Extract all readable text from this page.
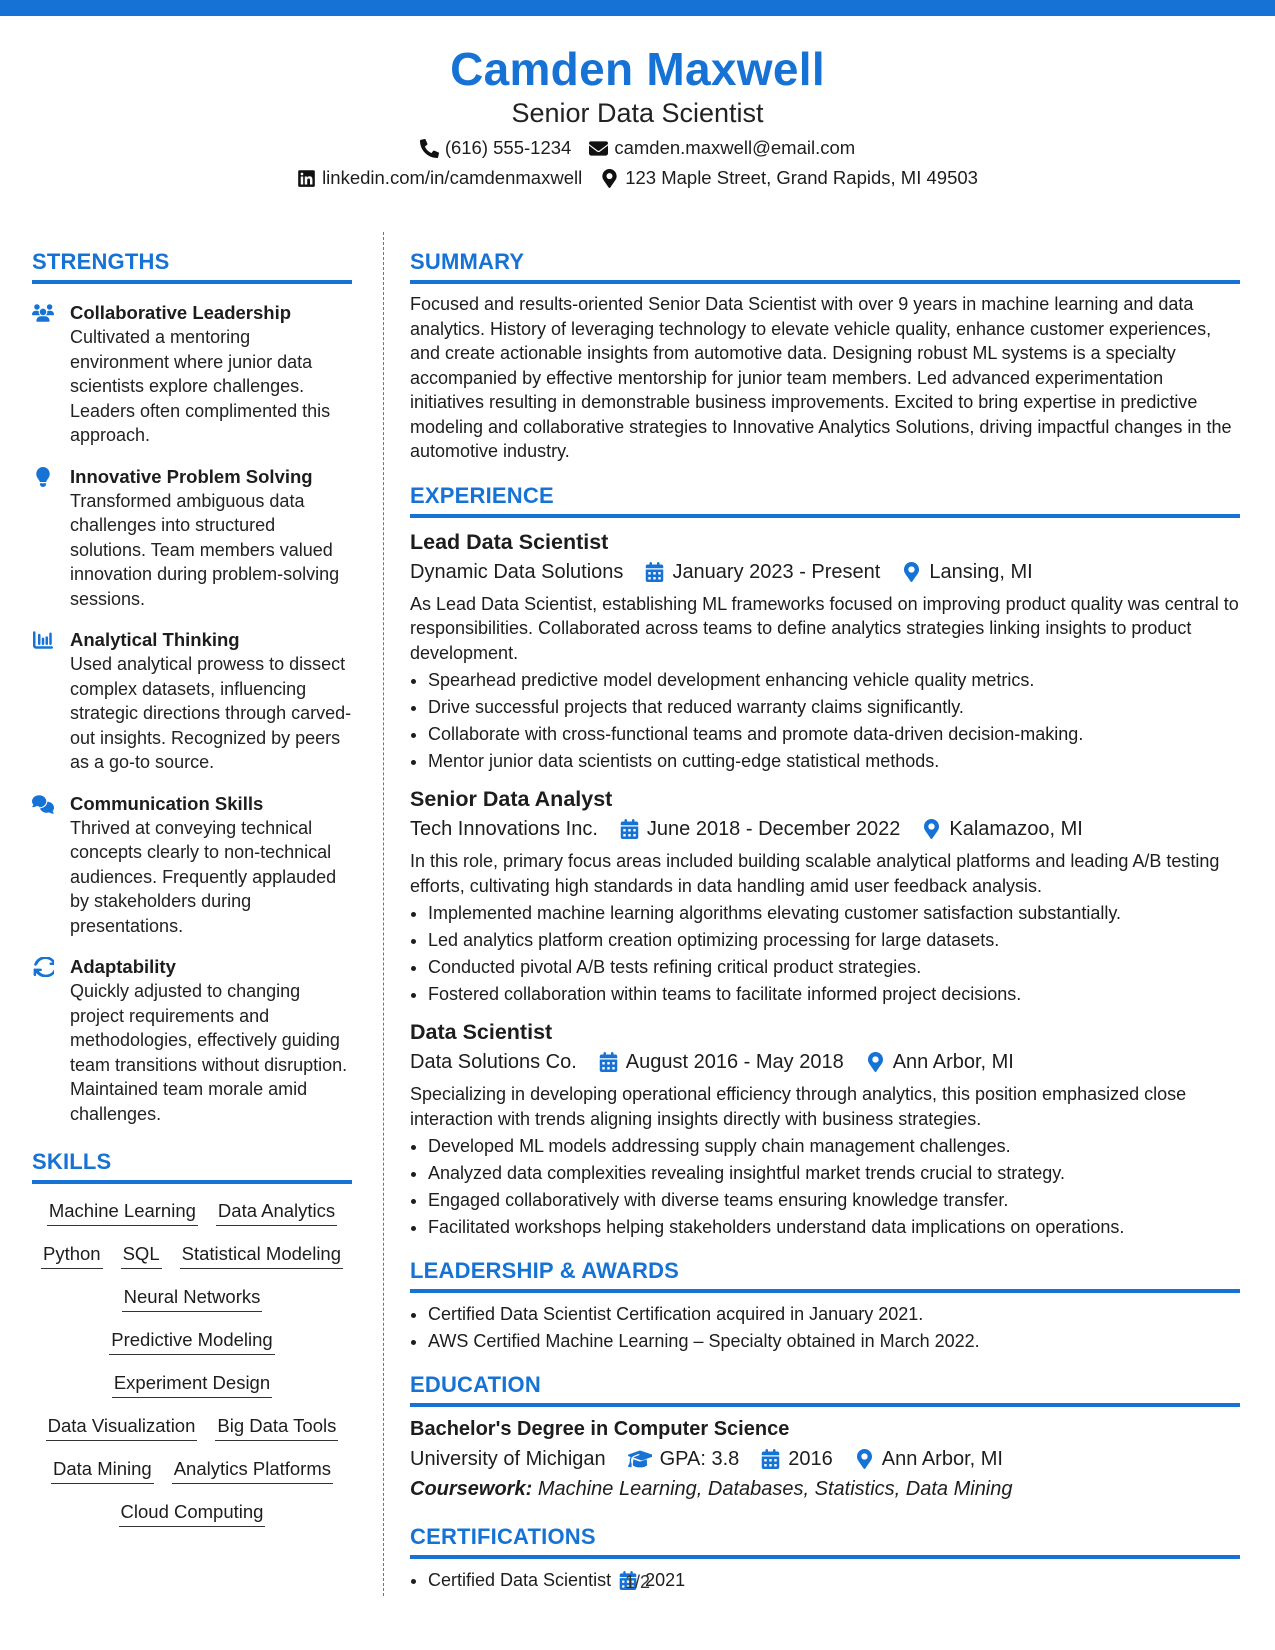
Camden Maxwell
Senior Data Scientist
(616) 555-1234 camden.maxwell@email.com
linkedin.com/in/camdenmaxwell 123 Maple Street, Grand Rapids, MI 49503
STRENGTHS
Collaborative Leadership
Cultivated a mentoring environment where junior data scientists explore challenges. Leaders often complimented this approach.
Innovative Problem Solving
Transformed ambiguous data challenges into structured solutions. Team members valued innovation during problem-solving sessions.
Analytical Thinking
Used analytical prowess to dissect complex datasets, influencing strategic directions through carved-out insights. Recognized by peers as a go-to source.
Communication Skills
Thrived at conveying technical concepts clearly to non-technical audiences. Frequently applauded by stakeholders during presentations.
Adaptability
Quickly adjusted to changing project requirements and methodologies, effectively guiding team transitions without disruption. Maintained team morale amid challenges.
SKILLS
Machine Learning Data Analytics
Python SQL Statistical Modeling
Neural Networks
Predictive Modeling
Experiment Design
Data Visualization Big Data Tools
Data Mining Analytics Platforms
Cloud Computing
SUMMARY
Focused and results-oriented Senior Data Scientist with over 9 years in machine learning and data analytics. History of leveraging technology to elevate vehicle quality, enhance customer experiences, and create actionable insights from automotive data. Designing robust ML systems is a specialty accompanied by effective mentorship for junior team members. Led advanced experimentation initiatives resulting in demonstrable business improvements. Excited to bring expertise in predictive modeling and collaborative strategies to Innovative Analytics Solutions, driving impactful changes in the automotive industry.
EXPERIENCE
Lead Data Scientist
Dynamic Data Solutions January 2023 - Present Lansing, MI
As Lead Data Scientist, establishing ML frameworks focused on improving product quality was central to responsibilities. Collaborated across teams to define analytics strategies linking insights to product development.
• Spearhead predictive model development enhancing vehicle quality metrics.
• Drive successful projects that reduced warranty claims significantly.
• Collaborate with cross-functional teams and promote data-driven decision-making.
• Mentor junior data scientists on cutting-edge statistical methods.
Senior Data Analyst
Tech Innovations Inc. June 2018 - December 2022 Kalamazoo, MI
In this role, primary focus areas included building scalable analytical platforms and leading A/B testing efforts, cultivating high standards in data handling amid user feedback analysis.
• Implemented machine learning algorithms elevating customer satisfaction substantially.
• Led analytics platform creation optimizing processing for large datasets.
• Conducted pivotal A/B tests refining critical product strategies.
• Fostered collaboration within teams to facilitate informed project decisions.
Data Scientist
Data Solutions Co. August 2016 - May 2018 Ann Arbor, MI
Specializing in developing operational efficiency through analytics, this position emphasized close interaction with trends aligning insights directly with business strategies.
• Developed ML models addressing supply chain management challenges.
• Analyzed data complexities revealing insightful market trends crucial to strategy.
• Engaged collaboratively with diverse teams ensuring knowledge transfer.
• Facilitated workshops helping stakeholders understand data implications on operations.
LEADERSHIP & AWARDS
• Certified Data Scientist Certification acquired in January 2021.
• AWS Certified Machine Learning – Specialty obtained in March 2022.
EDUCATION
Bachelor's Degree in Computer Science
University of Michigan	GPA: 3.8 2016 Ann Arbor, MI
Coursework: Machine Learning, Databases, Statistics, Data Mining
CERTIFICATIONS
• Certified Data Scientist 2021
1/2
